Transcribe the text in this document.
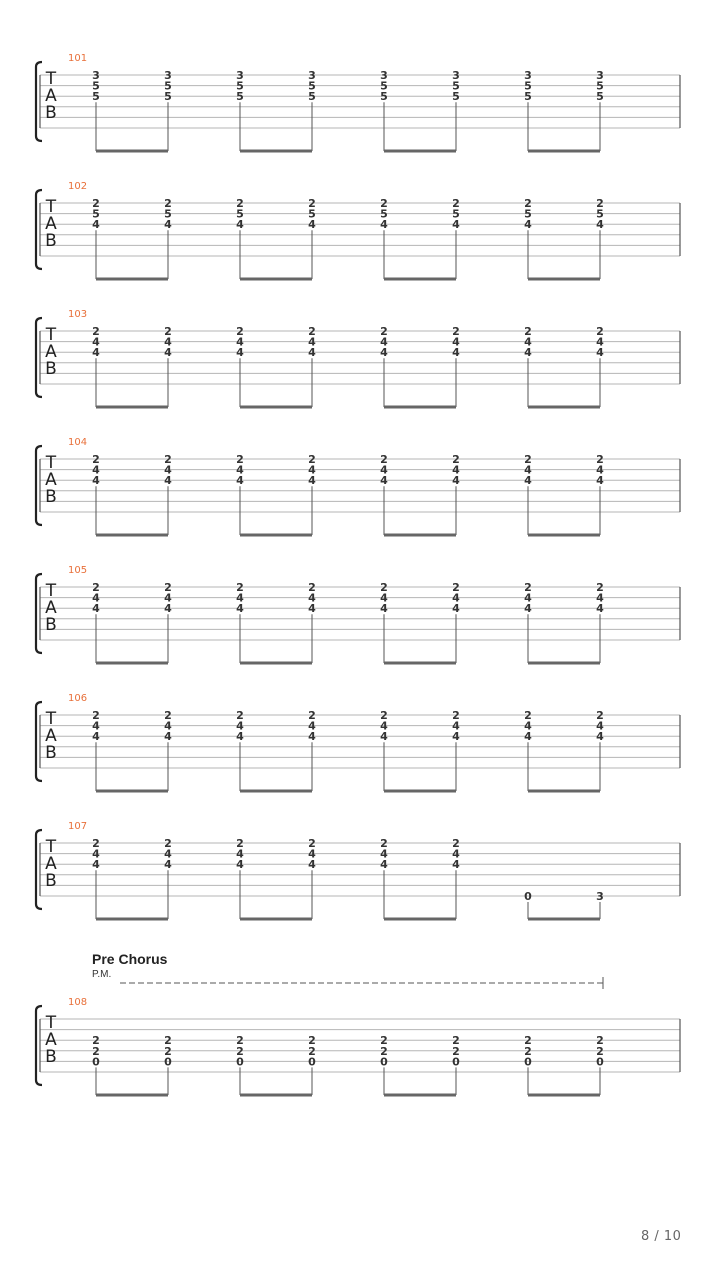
T
A
B
101
3
5
5
3
5
5
3
5
5
3
5
5
3
5
5
3
5
5
3
5
5
3
5
5
T
A
B
102
2
5
4
2
5
4
2
5
4
2
5
4
2
5
4
2
5
4
2
5
4
2
5
4
T
A
B
103
2
4
4
2
4
4
2
4
4
2
4
4
2
4
4
2
4
4
2
4
4
2
4
4
T
A
B
104
2
4
4
2
4
4
2
4
4
2
4
4
2
4
4
2
4
4
2
4
4
2
4
4
T
A
B
105
2
4
4
2
4
4
2
4
4
2
4
4
2
4
4
2
4
4
2
4
4
2
4
4
T
A
B
106
2
4
4
2
4
4
2
4
4
2
4
4
2
4
4
2
4
4
2
4
4
2
4
4
T
A
B
107
2
4
4
2
4
4
2
4
4
2
4
4
2
4
4
2
4
4
0	3
T
A
B
108
2
2
0
2
2
0
2
2
0
2
2
0
2
2
0
2
2
0
2
2
0
2
2
0
Pre Chorus
P.M.
8 / 10
